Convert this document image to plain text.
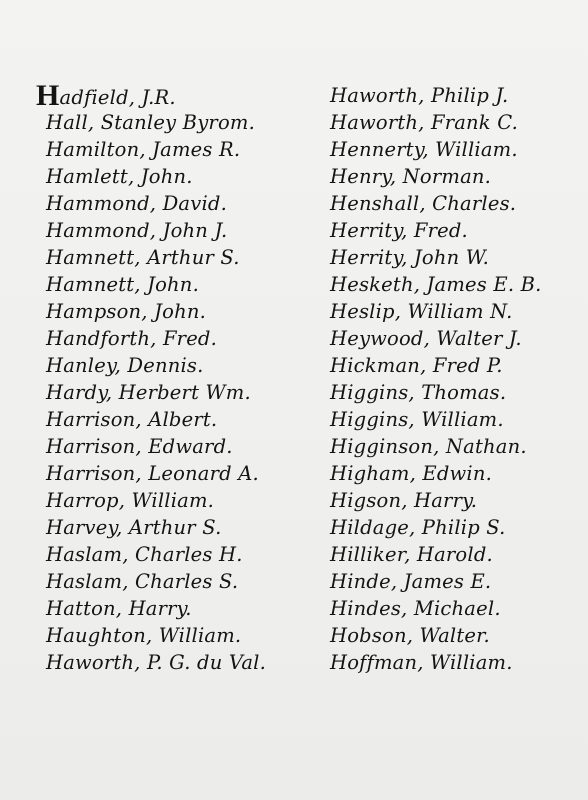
Hadfield, J.R.
Hall, Stanley Byrom.
Hamilton, James R.
Hamlett, John.
Hammond, David.
Hammond, John J.
Hamnett, Arthur S.
Hamnett, John.
Hampson, John.
Handforth, Fred.
Hanley, Dennis.
Hardy, Herbert Wm.
Harrison, Albert.
Harrison, Edward.
Harrison, Leonard A.
Harrop, William.
Harvey, Arthur S.
Haslam, Charles H.
Haslam, Charles S.
Hatton, Harry.
Haughton, William.
Haworth, P. G. du Val.
Haworth, Philip J.
Haworth, Frank C.
Hennerty, William.
Henry, Norman.
Henshall, Charles.
Herrity, Fred.
Herrity, John W.
Hesketh, James E. B.
Heslip, William N.
Heywood, Walter J.
Hickman, Fred P.
Higgins, Thomas.
Higgins, William.
Higginson, Nathan.
Higham, Edwin.
Higson, Harry.
Hildage, Philip S.
Hilliker, Harold.
Hinde, James E.
Hindes, Michael.
Hobson, Walter.
Hoffman, William.
